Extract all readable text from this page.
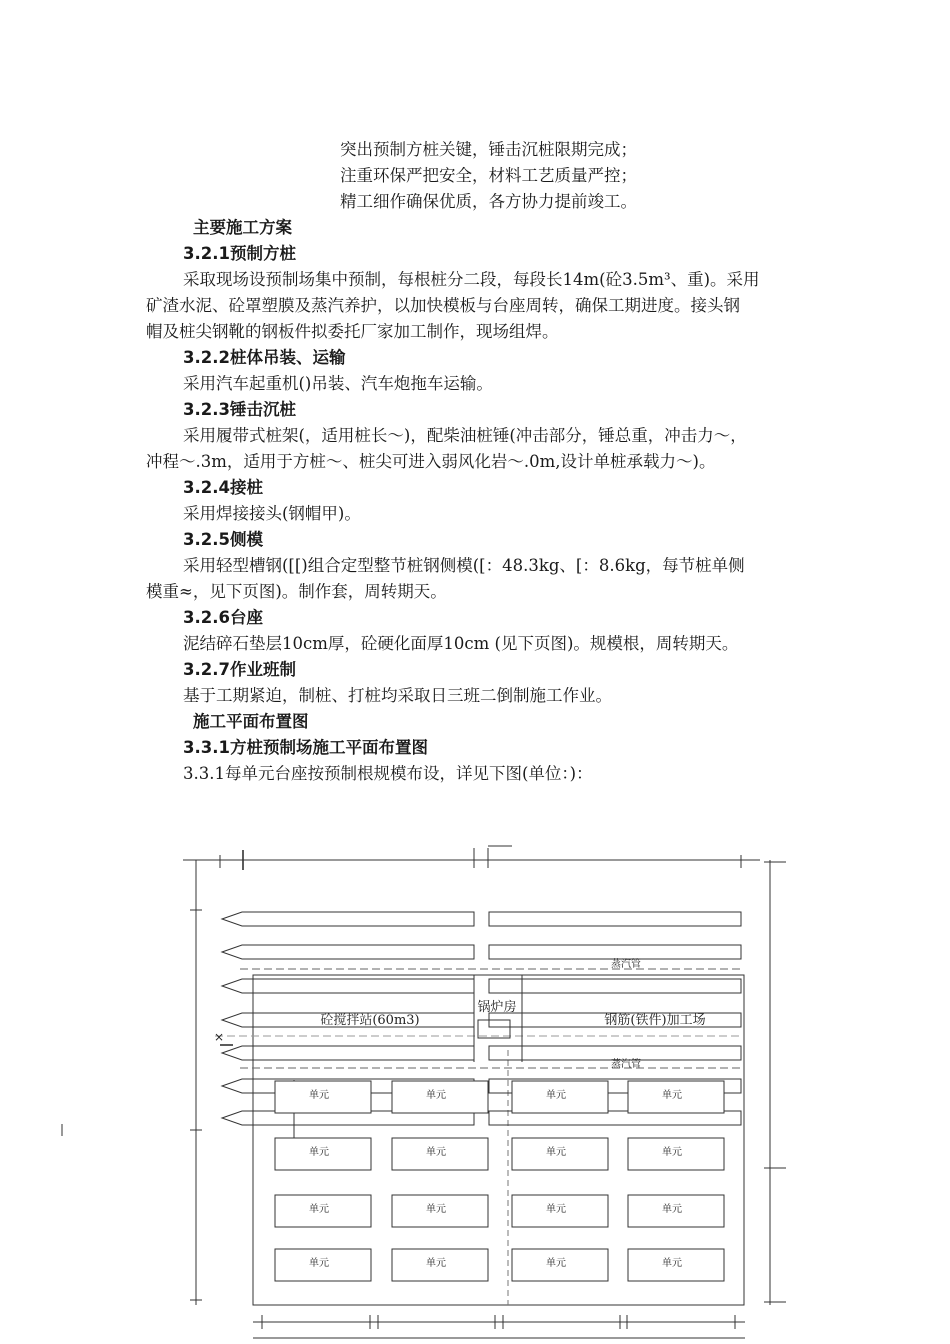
突出预制方桩关键，锤击沉桩限期完成；
注重环保严把安全，材料工艺质量严控；
精工细作确保优质，各方协力提前竣工。
主要施工方案
3.2.1预制方桩
采取现场设预制场集中预制，每根桩分二段，每段长14m(砼3.5m³、重)。采用
矿渣水泥、砼罩塑膜及蒸汽养护，以加快模板与台座周转，确保工期进度。接头钢
帽及桩尖钢靴的钢板件拟委托厂家加工制作，现场组焊。
3.2.2桩体吊装、运输
采用汽车起重机()吊装、汽车炮拖车运输。
3.2.3锤击沉桩
采用履带式桩架(，适用桩长～)，配柴油桩锤(冲击部分，锤总重，冲击力～，
冲程～.3m，适用于方桩～、桩尖可进入弱风化岩～.0m,设计单桩承载力～)。
3.2.4接桩
采用焊接接头(钢帽甲)。
3.2.5侧模
采用轻型槽钢([[)组合定型整节桩钢侧模([：48.3kg、[：8.6kg，每节桩单侧
模重≈，见下页图)。制作套，周转期天。
3.2.6台座
泥结碎石垫层10cm厚，砼硬化面厚10cm (见下页图)。规模根，周转期天。
3.2.7作业班制
基于工期紧迫，制桩、打桩均采取日三班二倒制施工作业。
施工平面布置图
3.3.1方桩预制场施工平面布置图
3.3.1每单元台座按预制根规模布设，详见下图(单位：)：
单元	单元	单元	单元
单元	单元	单元	单元
单元	单元	单元	单元
单元	单元	单元	单元
蒸汽管
蒸汽管
砼搅拌站(60m3)
锅炉房
钢筋(铁件)加工场
×
